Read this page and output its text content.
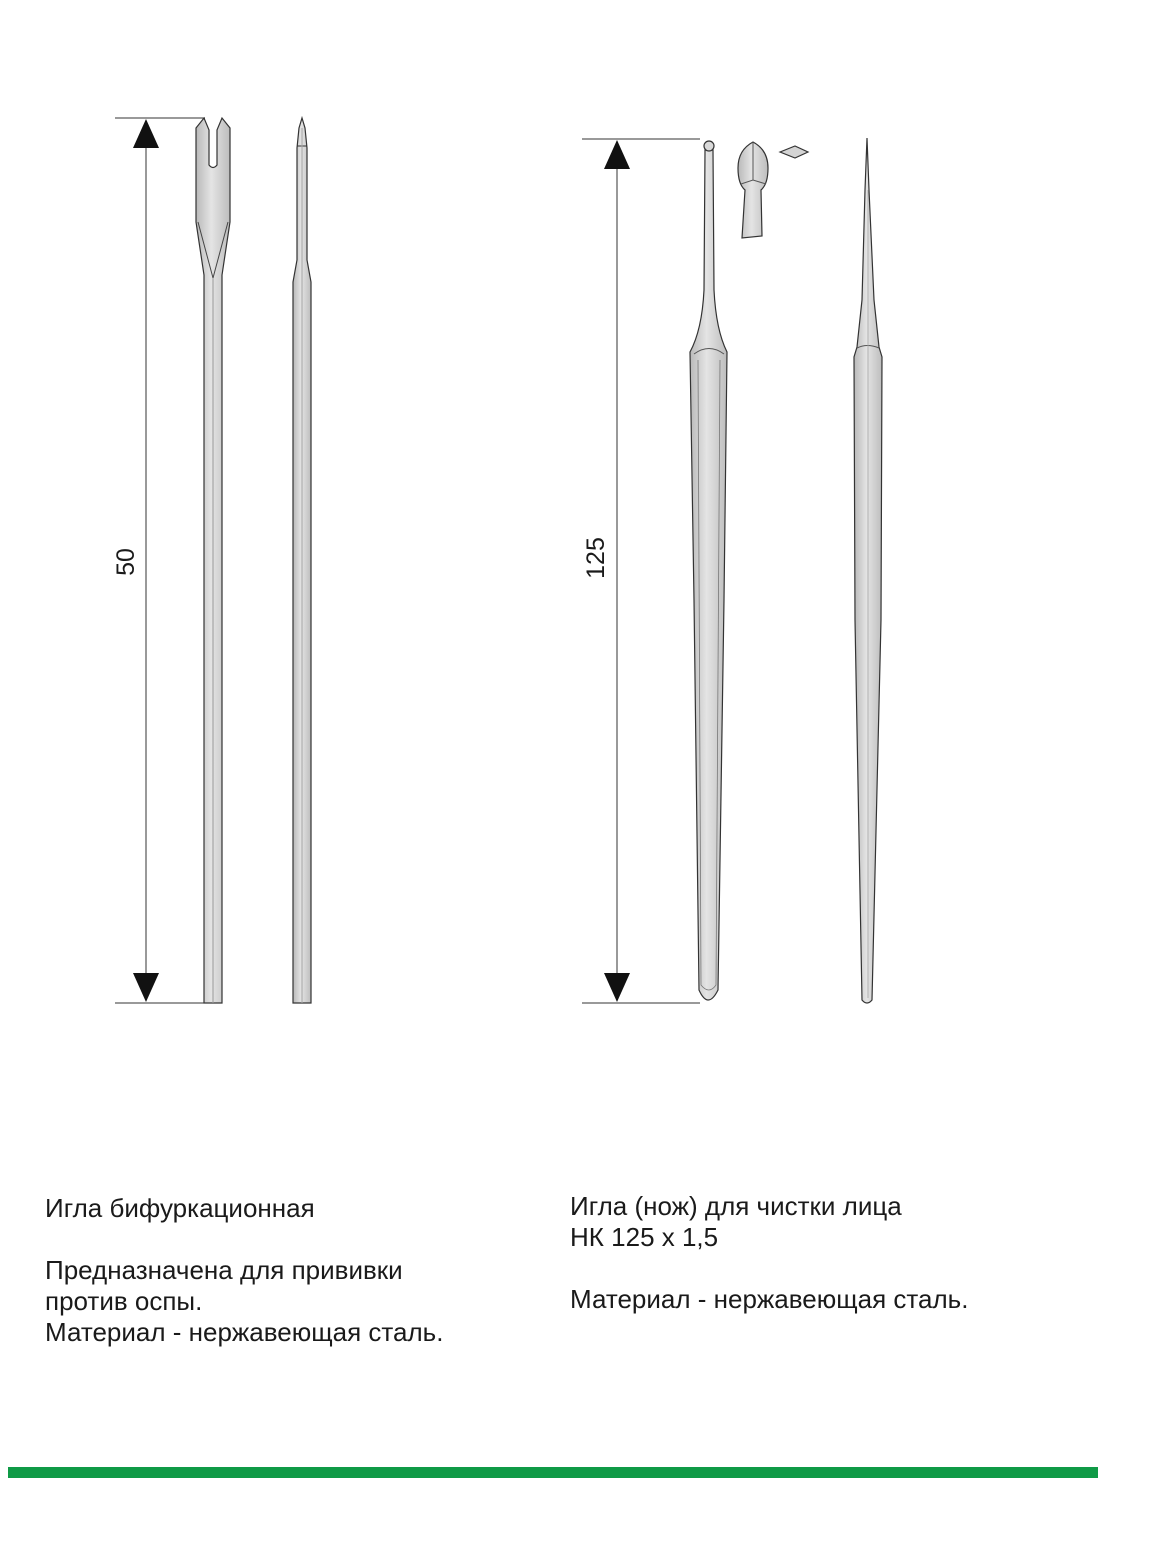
50	125

Игла бифуркационная

Предназначена для прививки

против оспы.

Материал - нержавеющая сталь.

Игла (нож) для чистки лица

НК 125 х 1,5

Материал - нержавеющая сталь.
